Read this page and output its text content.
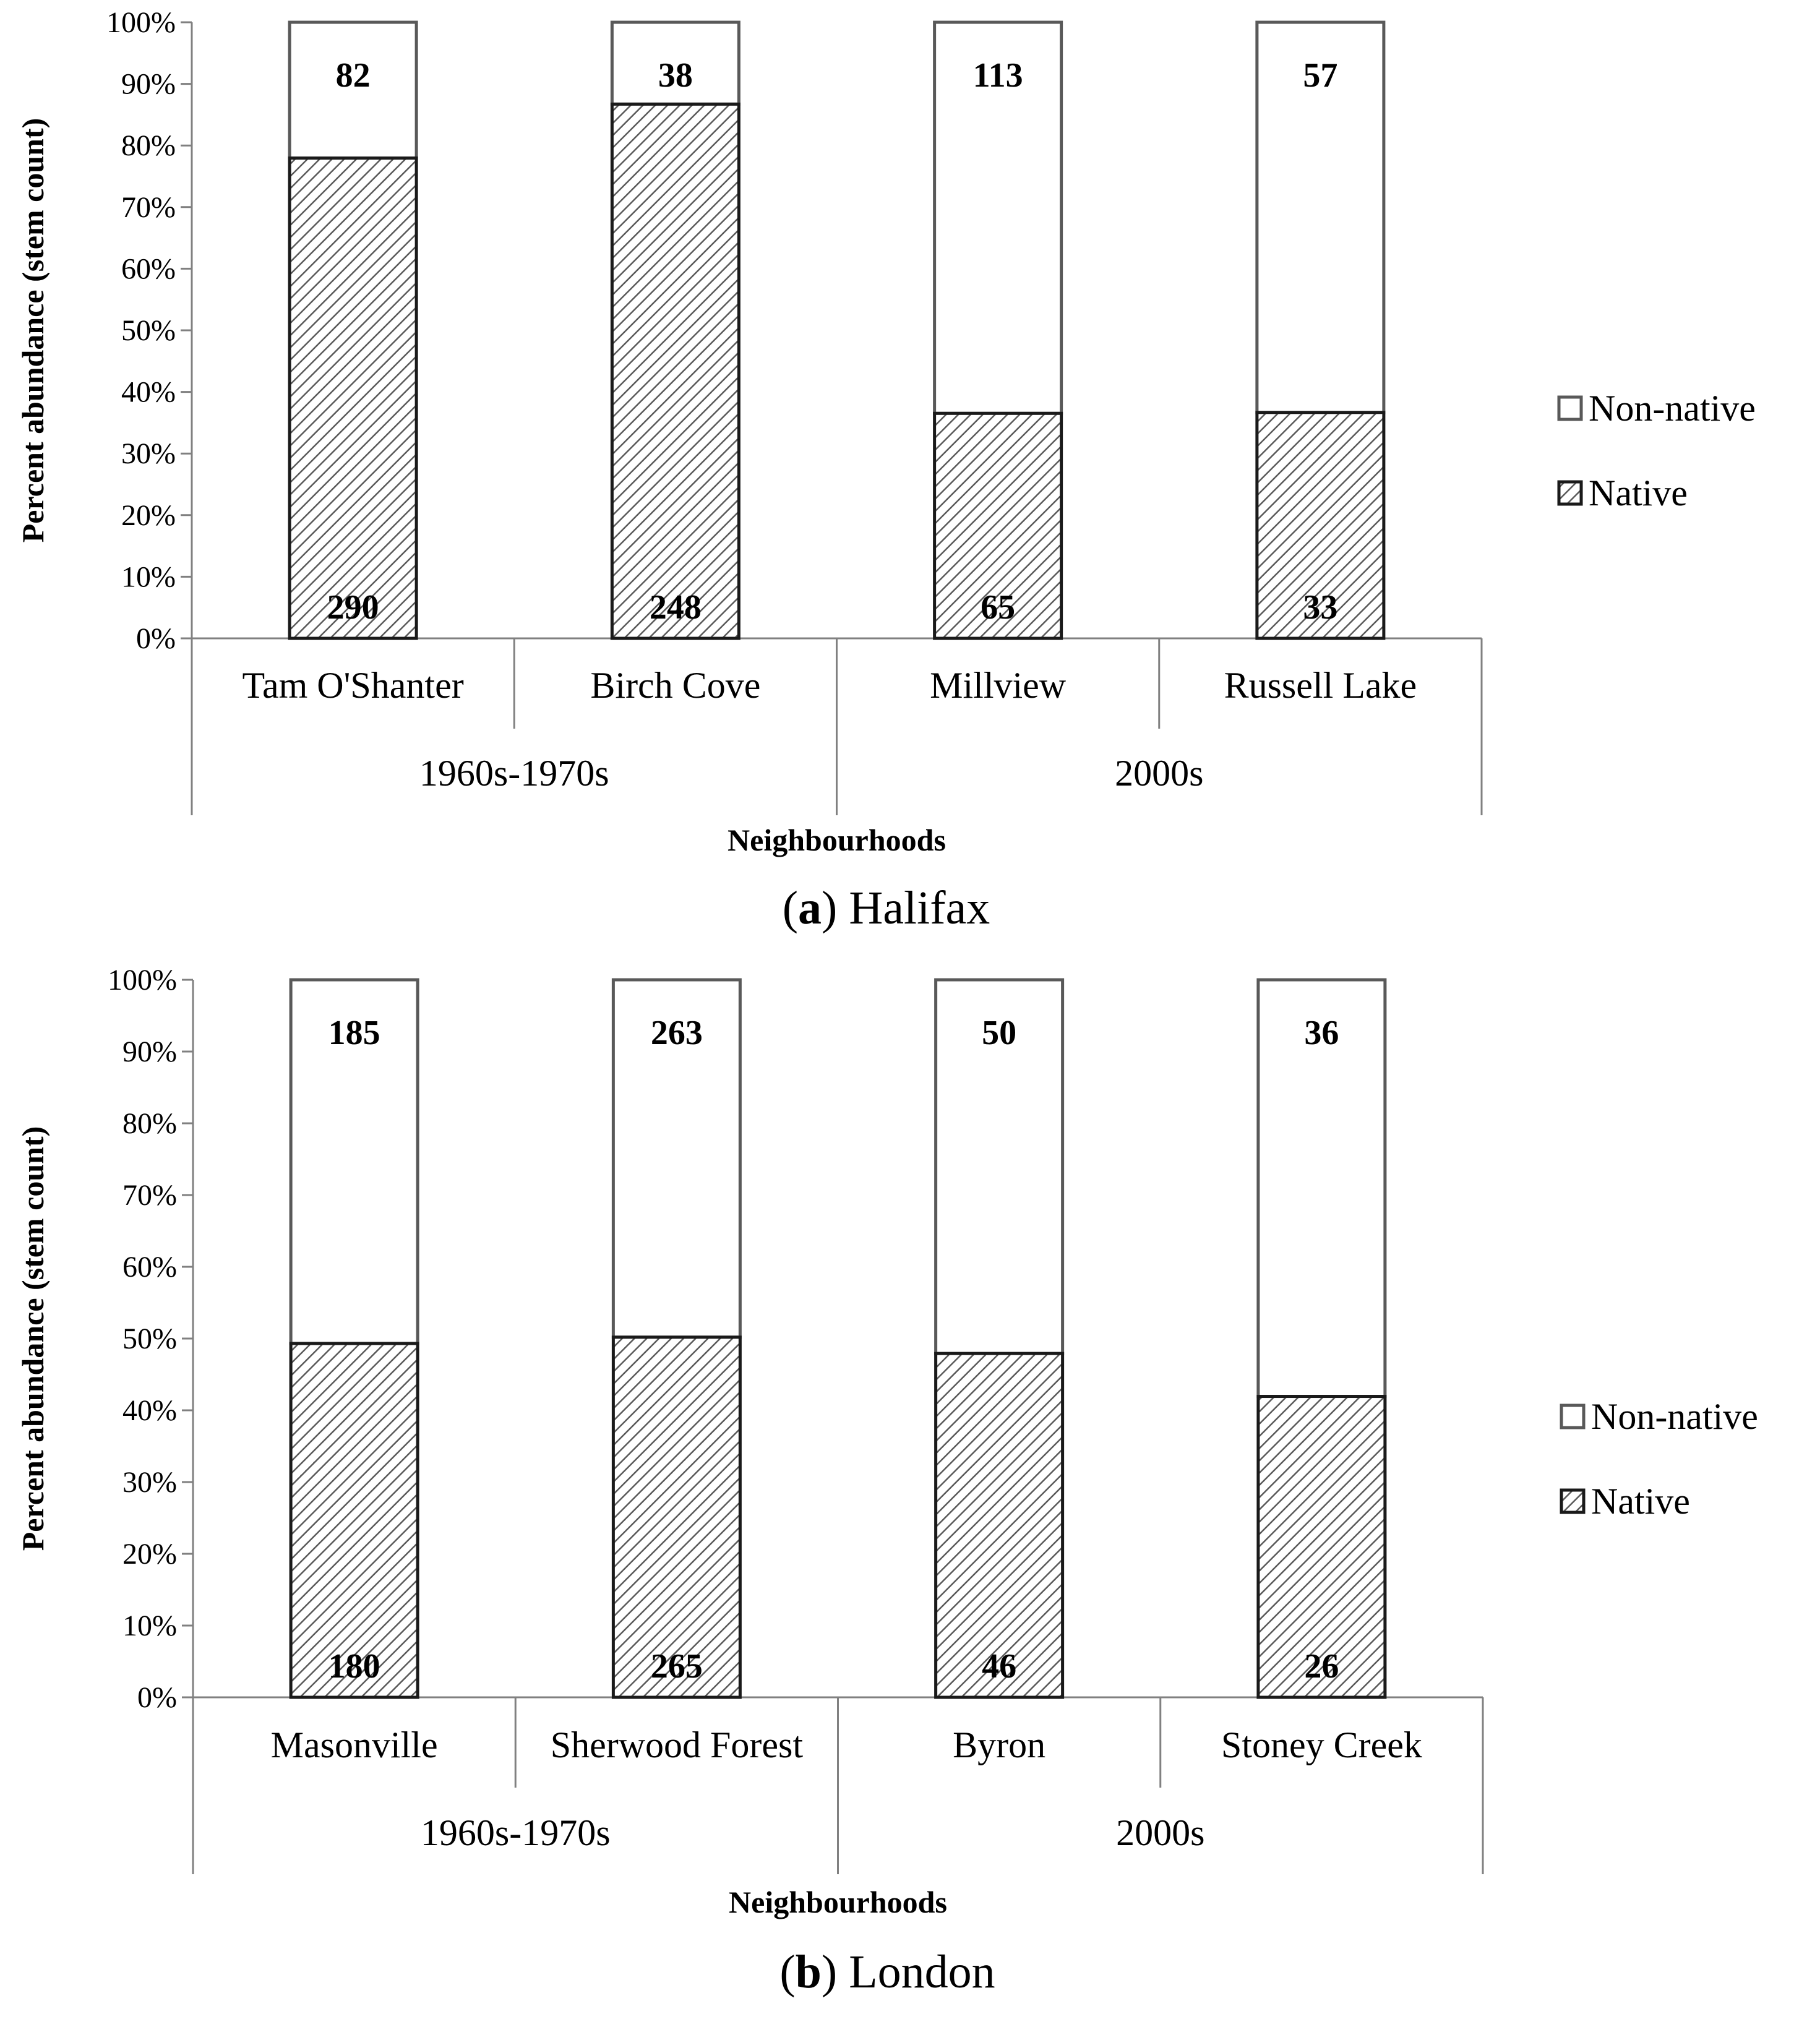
0%
10%
20%
30%
40%
50%
60%
70%
80%
90%
100%
Percent abundance (stem count)
Tam O'Shanter	Birch Cove	Millview	Russell Lake
1960s-1970s	2000s
Neighbourhoods
82
290
38
248
113
65
57
33
Non-native
Native
(a) Halifax
0%
10%
20%
30%
40%
50%
60%
70%
80%
90%
100%
Percent abundance (stem count)
Masonville	Sherwood Forest	Byron	Stoney Creek
1960s-1970s	2000s
Neighbourhoods
185
180
263
265
50
46
36
26
Non-native
Native
(b) London
